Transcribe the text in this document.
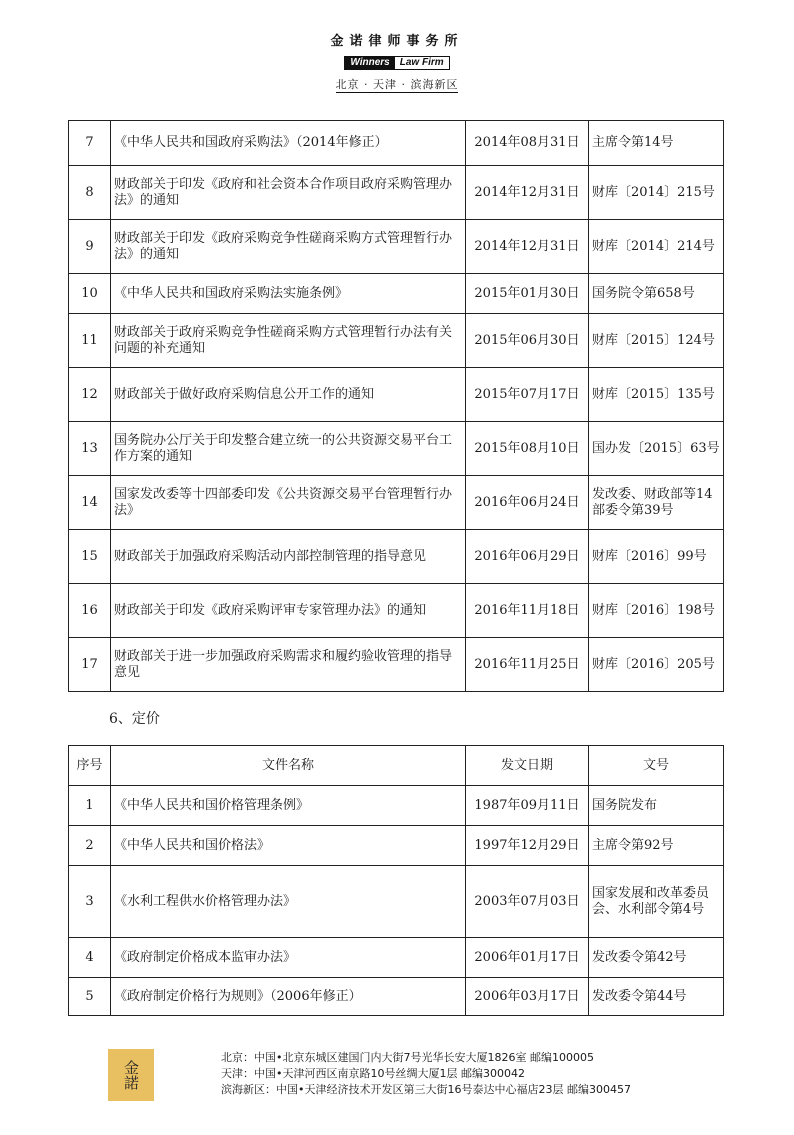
金诺律师事务所
Winners	Law Firm

北京 · 天津 · 滨海新区
7	《中华人民共和国政府采购法》（2014年修正）	2014年08月31日	主席令第14号
8	财政部关于印发《政府和社会资本合作项目政府采购管理办法》的通知	2014年12月31日	财库〔2014〕215号
9	财政部关于印发《政府采购竞争性磋商采购方式管理暂行办法》的通知	2014年12月31日	财库〔2014〕214号
10	《中华人民共和国政府采购法实施条例》	2015年01月30日	国务院令第658号
11	财政部关于政府采购竞争性磋商采购方式管理暂行办法有关问题的补充通知	2015年06月30日	财库〔2015〕124号
12	财政部关于做好政府采购信息公开工作的通知	2015年07月17日	财库〔2015〕135号
13	国务院办公厅关于印发整合建立统一的公共资源交易平台工作方案的通知	2015年08月10日	国办发〔2015〕63号
14	国家发改委等十四部委印发《公共资源交易平台管理暂行办法》	2016年06月24日	发改委、财政部等14部委令第39号
15	财政部关于加强政府采购活动内部控制管理的指导意见	2016年06月29日	财库〔2016〕99号
16	财政部关于印发《政府采购评审专家管理办法》的通知	2016年11月18日	财库〔2016〕198号
17	财政部关于进一步加强政府采购需求和履约验收管理的指导意见	2016年11月25日	财库〔2016〕205号
6、定价
序号	文件名称	发文日期	文号
1	《中华人民共和国价格管理条例》	1987年09月11日	国务院发布
2	《中华人民共和国价格法》	1997年12月29日	主席令第92号
3	《水利工程供水价格管理办法》	2003年07月03日	国家发展和改革委员会、水利部令第4号
4	《政府制定价格成本监审办法》	2006年01月17日	发改委令第42号
5	《政府制定价格行为规则》（2006年修正）	2006年03月17日	发改委令第44号
金諾
北京：中国•北京东城区建国门内大街7号光华长安大厦1826室 邮编100005
天津：中国•天津河西区南京路10号丝绸大厦1层 邮编300042
滨海新区：中国•天津经济技术开发区第三大街16号泰达中心福店23层 邮编300457
